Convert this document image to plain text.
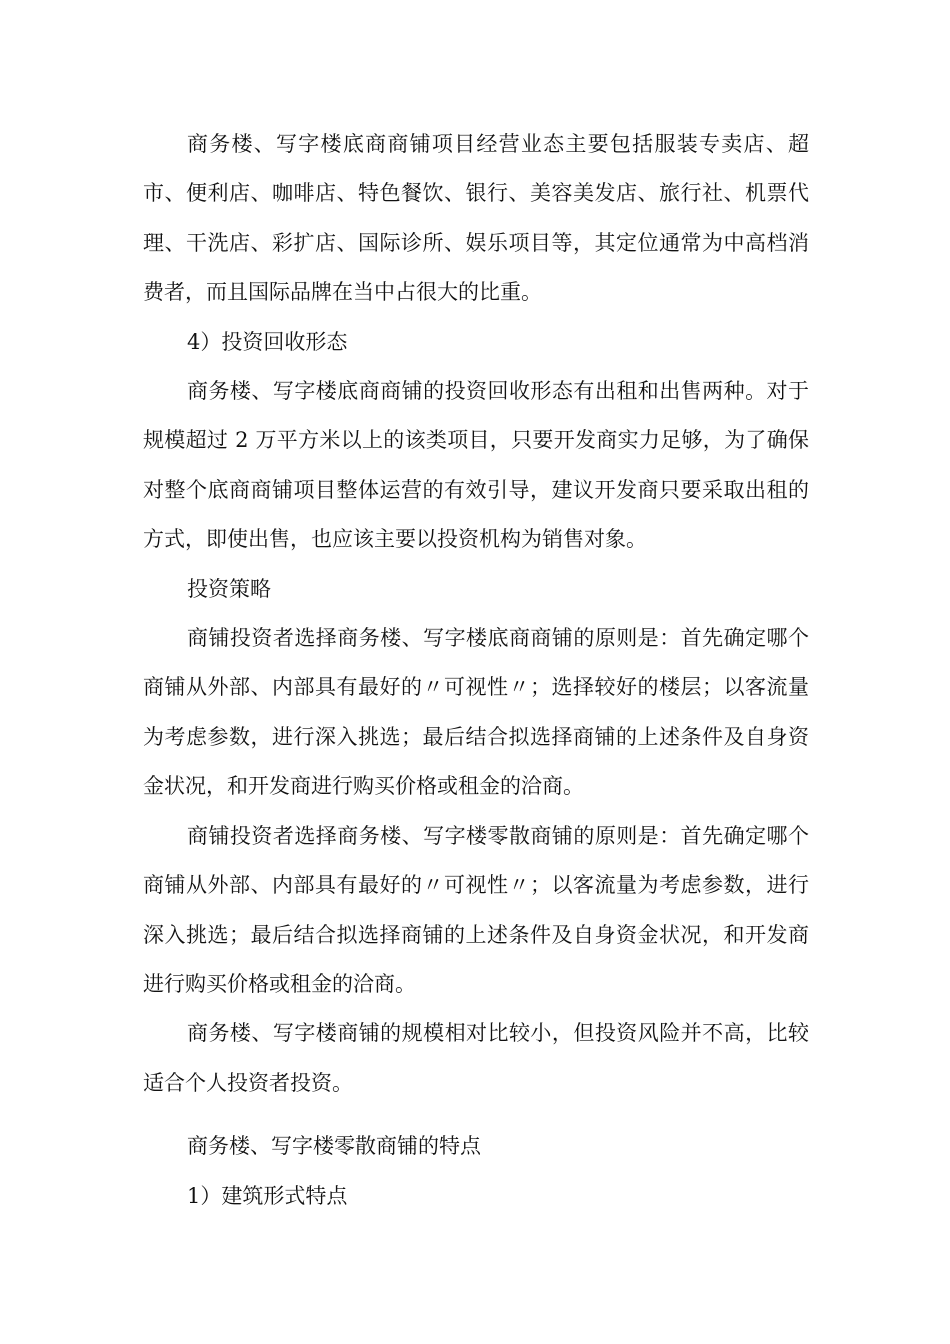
商务楼、写字楼底商商铺项目经营业态主要包括服装专卖店、超市、便利店、咖啡店、特色餐饮、银行、美容美发店、旅行社、机票代理、干洗店、彩扩店、国际诊所、娱乐项目等，其定位通常为中高档消费者，而且国际品牌在当中占很大的比重。

4）投资回收形态

商务楼、写字楼底商商铺的投资回收形态有出租和出售两种。对于规模超过 2 万平方米以上的该类项目，只要开发商实力足够，为了确保对整个底商商铺项目整体运营的有效引导，建议开发商只要采取出租的方式，即使出售，也应该主要以投资机构为销售对象。

投资策略

商铺投资者选择商务楼、写字楼底商商铺的原则是：首先确定哪个商铺从外部、内部具有最好的〃可视性〃；选择较好的楼层；以客流量为考虑参数，进行深入挑选；最后结合拟选择商铺的上述条件及自身资金状况，和开发商进行购买价格或租金的洽商。

商铺投资者选择商务楼、写字楼零散商铺的原则是：首先确定哪个商铺从外部、内部具有最好的〃可视性〃；以客流量为考虑参数，进行深入挑选；最后结合拟选择商铺的上述条件及自身资金状况，和开发商进行购买价格或租金的洽商。

商务楼、写字楼商铺的规模相对比较小，但投资风险并不高，比较适合个人投资者投资。

商务楼、写字楼零散商铺的特点

1）建筑形式特点
